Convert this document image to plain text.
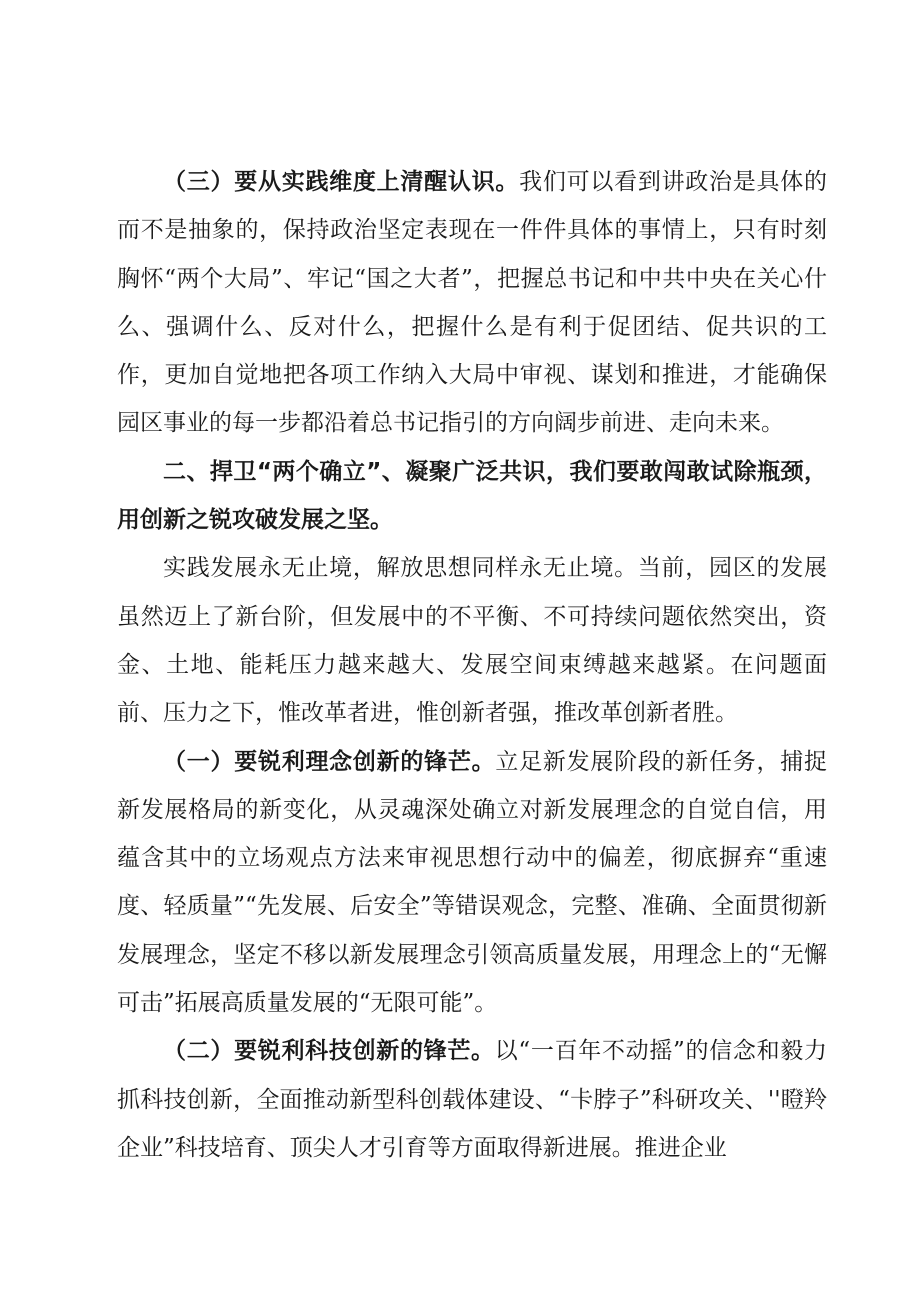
（三）要从实践维度上清醒认识。我们可以看到讲政治是具体的而不是抽象的，保持政治坚定表现在一件件具体的事情上，只有时刻胸怀“两个大局”、牢记“国之大者”，把握总书记和中共中央在关心什么、强调什么、反对什么，把握什么是有利于促团结、促共识的工作，更加自觉地把各项工作纳入大局中审视、谋划和推进，才能确保园区事业的每一步都沿着总书记指引的方向阔步前进、走向未来。

二、捍卫“两个确立”、凝聚广泛共识，我们要敢闯敢试除瓶颈，用创新之锐攻破发展之坚。

实践发展永无止境，解放思想同样永无止境。当前，园区的发展虽然迈上了新台阶，但发展中的不平衡、不可持续问题依然突出，资金、土地、能耗压力越来越大、发展空间束缚越来越紧。在问题面前、压力之下，惟改革者进，惟创新者强，推改革创新者胜。

（一）要锐利理念创新的锋芒。立足新发展阶段的新任务，捕捉新发展格局的新变化，从灵魂深处确立对新发展理念的自觉自信，用蕴含其中的立场观点方法来审视思想行动中的偏差，彻底摒弃“重速度、轻质量”“先发展、后安全”等错误观念，完整、准确、全面贯彻新发展理念，坚定不移以新发展理念引领高质量发展，用理念上的“无懈可击”拓展高质量发展的“无限可能”。

（二）要锐利科技创新的锋芒。以“一百年不动摇”的信念和毅力抓科技创新，全面推动新型科创载体建设、“卡脖子”科研攻关、''瞪羚企业”科技培育、顶尖人才引育等方面取得新进展。推进企业
